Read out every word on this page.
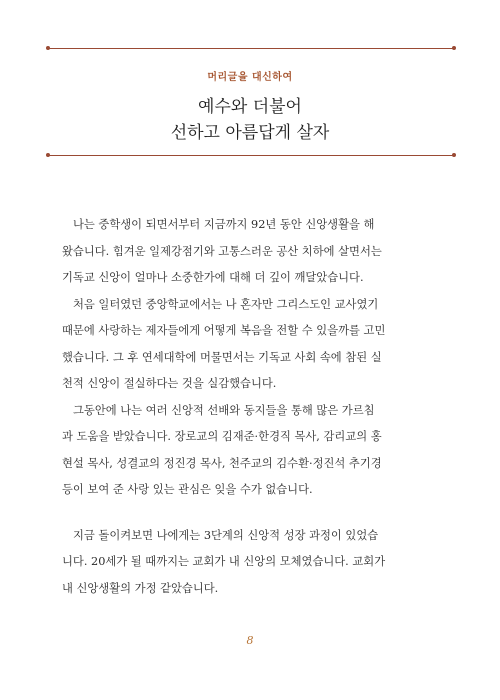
머리글을 대신하여
예수와 더불어
선하고 아름답게 살자
나는 중학생이 되면서부터 지금까지 92년 동안 신앙생활을 해
왔습니다. 힘겨운 일제강점기와 고통스러운 공산 치하에 살면서는
기독교 신앙이 얼마나 소중한가에 대해 더 깊이 깨달았습니다.
처음 일터였던 중앙학교에서는 나 혼자만 그리스도인 교사였기
때문에 사랑하는 제자들에게 어떻게 복음을 전할 수 있을까를 고민
했습니다. 그 후 연세대학에 머물면서는 기독교 사회 속에 참된 실
천적 신앙이 절실하다는 것을 실감했습니다.
그동안에 나는 여러 신앙적 선배와 동지들을 통해 많은 가르침
과 도움을 받았습니다. 장로교의 김재준·한경직 목사, 감리교의 홍
현설 목사, 성결교의 정진경 목사, 천주교의 김수환·정진석 추기경
등이 보여 준 사랑 있는 관심은 잊을 수가 없습니다.
지금 돌이켜보면 나에게는 3단계의 신앙적 성장 과정이 있었습
니다. 20세가 될 때까지는 교회가 내 신앙의 모체였습니다. 교회가
내 신앙생활의 가정 같았습니다.
8
